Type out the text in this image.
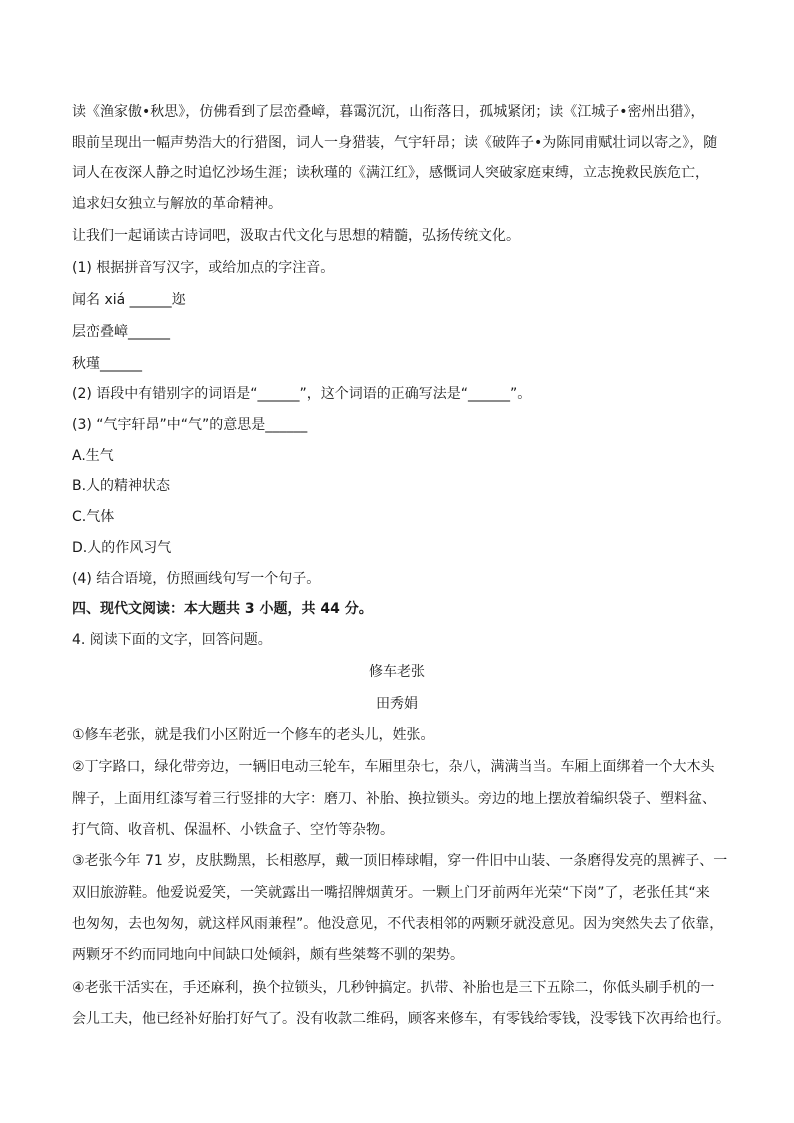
读《渔家傲•秋思》，仿佛看到了层峦叠嶂，暮霭沉沉，山衔落日，孤城紧闭；读《江城子•密州出猎》，
眼前呈现出一幅声势浩大的行猎图，词人一身猎装，气宇轩昂；读《破阵子•为陈同甫赋壮词以寄之》，随
词人在夜深人静之时追忆沙场生涯；读秋瑾的《满江红》，感慨词人突破家庭束缚，立志挽救民族危亡，
追求妇女独立与解放的革命精神。
让我们一起诵读古诗词吧，汲取古代文化与思想的精髓，弘扬传统文化。
(1) 根据拼音写汉字，或给加点的字注音。
闻名 xiá ______迩
层峦叠嶂______
秋瑾______
(2) 语段中有错别字的词语是“______”，这个词语的正确写法是“______”。
(3) “气宇轩昂”中“气”的意思是______
A.生气
B.人的精神状态
C.气体
D.人的作风习气
(4) 结合语境，仿照画线句写一个句子。
四、现代文阅读：本大题共 3 小题，共 44 分。
4. 阅读下面的文字，回答问题。
修车老张
田秀娟
①修车老张，就是我们小区附近一个修车的老头儿，姓张。
②丁字路口，绿化带旁边，一辆旧电动三轮车，车厢里杂七，杂八，满满当当。车厢上面绑着一个大木头
牌子，上面用红漆写着三行竖排的大字：磨刀、补胎、换拉锁头。旁边的地上摆放着编织袋子、塑料盆、
打气筒、收音机、保温杯、小铁盒子、空竹等杂物。
③老张今年 71 岁，皮肤黝黑，长相憨厚，戴一顶旧棒球帽，穿一件旧中山装、一条磨得发亮的黑裤子、一
双旧旅游鞋。他爱说爱笑，一笑就露出一嘴招牌烟黄牙。一颗上门牙前两年光荣“下岗”了，老张任其“来
也匆匆，去也匆匆，就这样风雨兼程”。他没意见，不代表相邻的两颗牙就没意见。因为突然失去了依靠，
两颗牙不约而同地向中间缺口处倾斜，颇有些桀骜不驯的架势。
④老张干活实在，手还麻利，换个拉锁头，几秒钟搞定。扒带、补胎也是三下五除二，你低头刷手机的一
会儿工夫，他已经补好胎打好气了。没有收款二维码，顾客来修车，有零钱给零钱，没零钱下次再给也行。
